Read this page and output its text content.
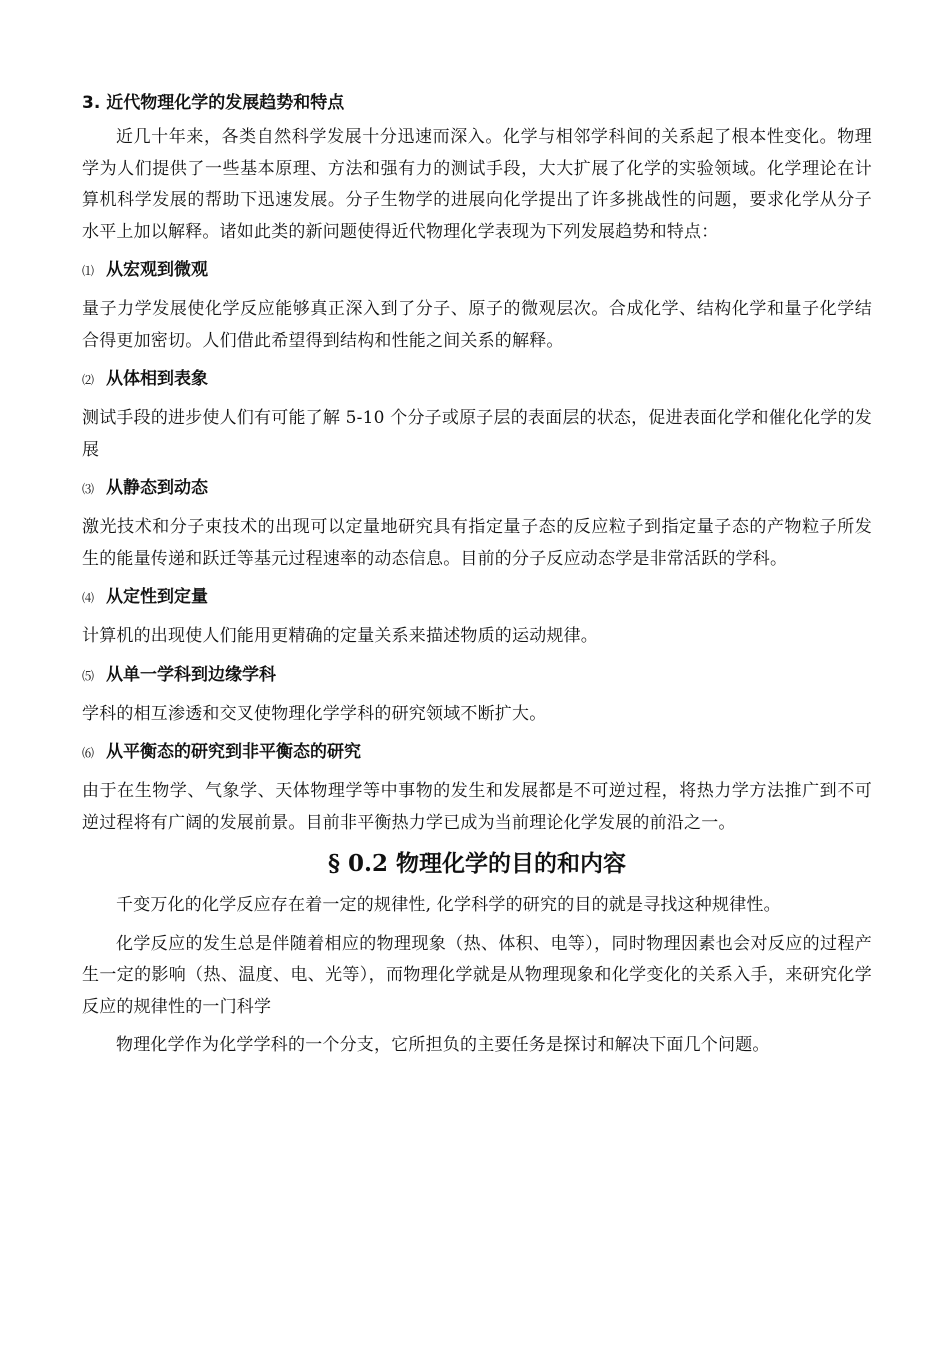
3. 近代物理化学的发展趋势和特点

近几十年来，各类自然科学发展十分迅速而深入。化学与相邻学科间的关系起了根本性变化。物理学为人们提供了一些基本原理、方法和强有力的测试手段，大大扩展了化学的实验领域。化学理论在计算机科学发展的帮助下迅速发展。分子生物学的进展向化学提出了许多挑战性的问题，要求化学从分子水平上加以解释。诸如此类的新问题使得近代物理化学表现为下列发展趋势和特点：

⑴ 从宏观到微观

量子力学发展使化学反应能够真正深入到了分子、原子的微观层次。合成化学、结构化学和量子化学结合得更加密切。人们借此希望得到结构和性能之间关系的解释。

⑵ 从体相到表象

测试手段的进步使人们有可能了解 5-10 个分子或原子层的表面层的状态，促进表面化学和催化化学的发展

⑶ 从静态到动态

激光技术和分子束技术的出现可以定量地研究具有指定量子态的反应粒子到指定量子态的产物粒子所发生的能量传递和跃迁等基元过程速率的动态信息。目前的分子反应动态学是非常活跃的学科。

⑷ 从定性到定量

计算机的出现使人们能用更精确的定量关系来描述物质的运动规律。

⑸ 从单一学科到边缘学科

学科的相互渗透和交叉使物理化学学科的研究领域不断扩大。

⑹ 从平衡态的研究到非平衡态的研究

由于在生物学、气象学、天体物理学等中事物的发生和发展都是不可逆过程，将热力学方法推广到不可逆过程将有广阔的发展前景。目前非平衡热力学已成为当前理论化学发展的前沿之一。

§ 0.2 物理化学的目的和内容

千变万化的化学反应存在着一定的规律性, 化学科学的研究的目的就是寻找这种规律性。

化学反应的发生总是伴随着相应的物理现象（热、体积、电等），同时物理因素也会对反应的过程产生一定的影响（热、温度、电、光等），而物理化学就是从物理现象和化学变化的关系入手，来研究化学反应的规律性的一门科学

物理化学作为化学学科的一个分支，它所担负的主要任务是探讨和解决下面几个问题。
